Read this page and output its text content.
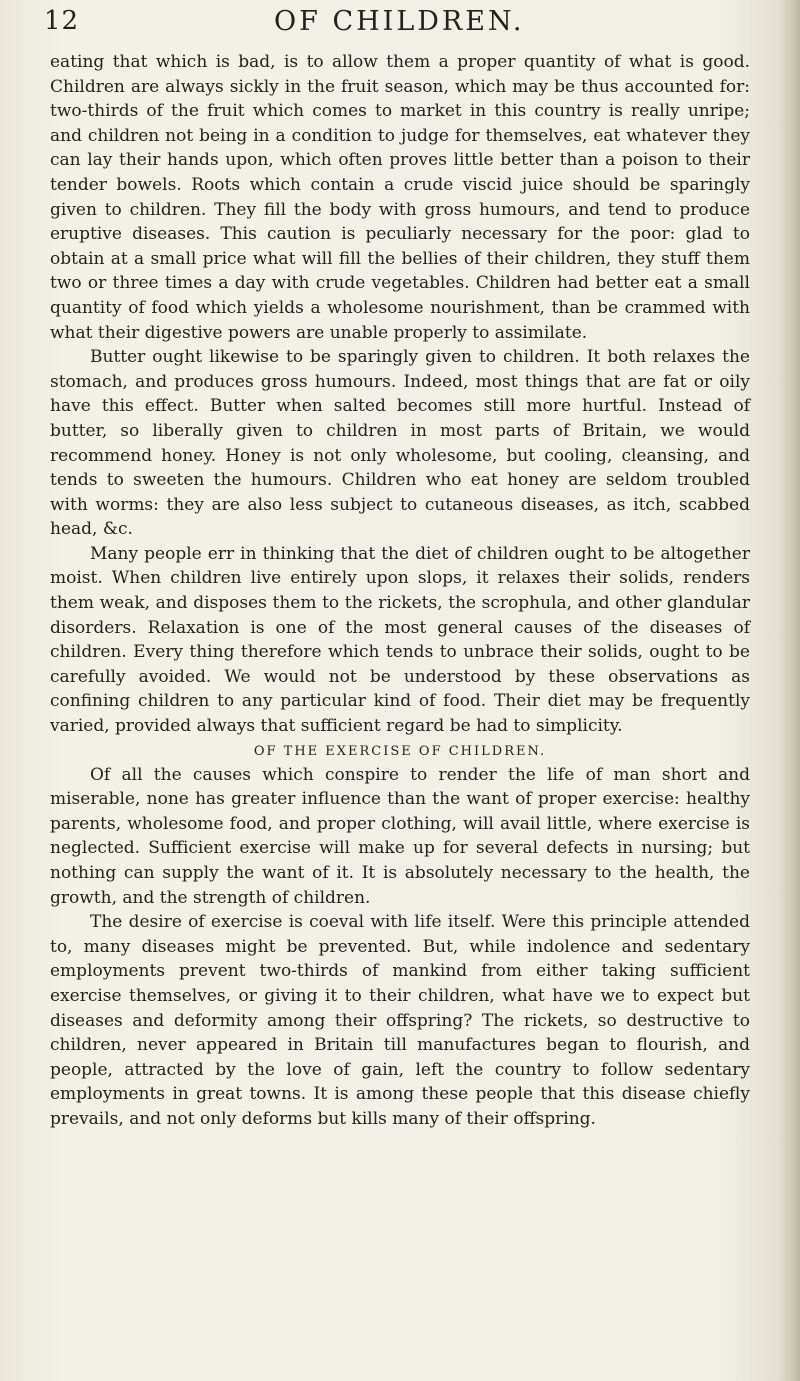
12	OF CHILDREN.

eating that which is bad, is to allow them a proper quantity of what is good. Children are always sickly in the fruit season, which may be thus accounted for: two-thirds of the fruit which comes to market in this country is really unripe; and children not being in a condition to judge for themselves, eat whatever they can lay their hands upon, which often proves little better than a poison to their tender bowels. Roots which contain a crude viscid juice should be sparingly given to children. They fill the body with gross humours, and tend to produce eruptive diseases. This caution is peculiarly necessary for the poor: glad to obtain at a small price what will fill the bellies of their children, they stuff them two or three times a day with crude vegetables. Children had better eat a small quantity of food which yields a wholesome nourishment, than be crammed with what their digestive powers are unable properly to assimilate.

Butter ought likewise to be sparingly given to children. It both relaxes the stomach, and produces gross humours. Indeed, most things that are fat or oily have this effect. Butter when salted becomes still more hurtful. Instead of butter, so liberally given to children in most parts of Britain, we would recommend honey. Honey is not only wholesome, but cooling, cleansing, and tends to sweeten the humours. Children who eat honey are seldom troubled with worms: they are also less subject to cutaneous diseases, as itch, scabbed head, &c.

Many people err in thinking that the diet of children ought to be altogether moist. When children live entirely upon slops, it relaxes their solids, renders them weak, and disposes them to the rickets, the scrophula, and other glandular disorders. Relaxation is one of the most general causes of the diseases of children. Every thing therefore which tends to unbrace their solids, ought to be carefully avoided. We would not be understood by these observations as confining children to any particular kind of food. Their diet may be frequently varied, provided always that sufficient regard be had to simplicity.

OF THE EXERCISE OF CHILDREN.

Of all the causes which conspire to render the life of man short and miserable, none has greater influence than the want of proper exercise: healthy parents, wholesome food, and proper clothing, will avail little, where exercise is neglected. Sufficient exercise will make up for several defects in nursing; but nothing can supply the want of it. It is absolutely necessary to the health, the growth, and the strength of children.

The desire of exercise is coeval with life itself. Were this principle attended to, many diseases might be prevented. But, while indolence and sedentary employments prevent two-thirds of mankind from either taking sufficient exercise themselves, or giving it to their children, what have we to expect but diseases and deformity among their offspring? The rickets, so destructive to children, never appeared in Britain till manufactures began to flourish, and people, attracted by the love of gain, left the country to follow sedentary employments in great towns. It is among these people that this disease chiefly prevails, and not only deforms but kills many of their offspring.
